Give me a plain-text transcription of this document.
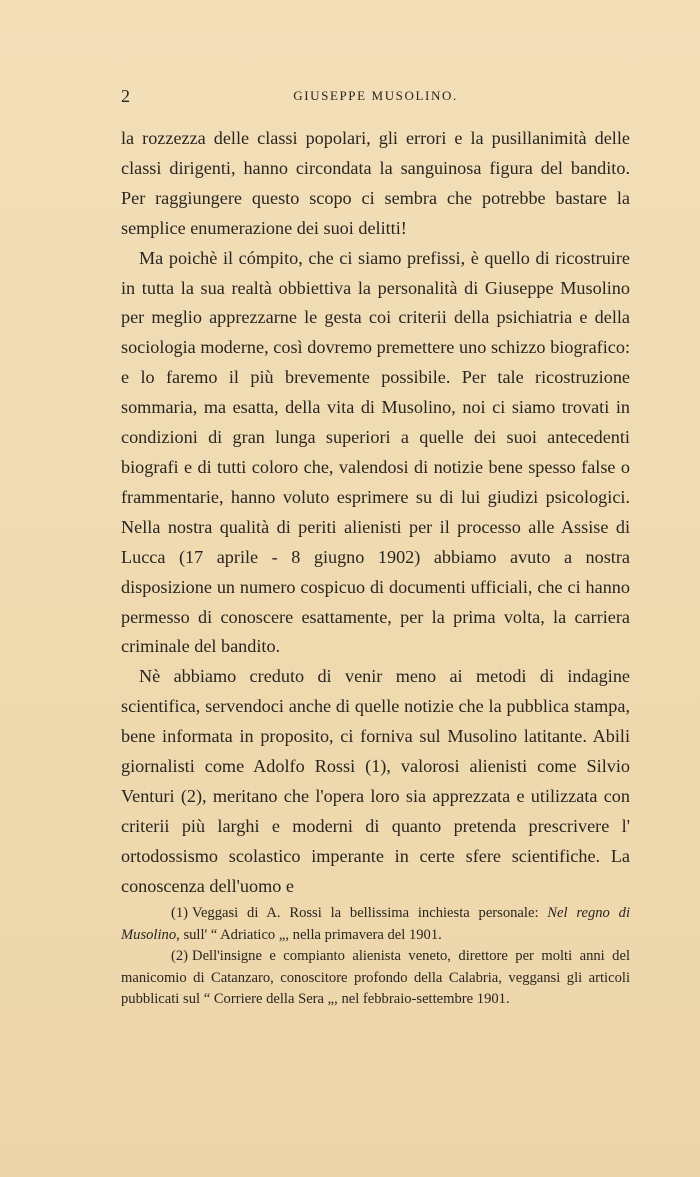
2	GIUSEPPE MUSOLINO.

la rozzezza delle classi popolari, gli errori e la pusillanimità delle classi dirigenti, hanno circondata la sanguinosa figura del bandito. Per raggiungere questo scopo ci sembra che potrebbe bastare la semplice enumerazione dei suoi delitti!

Ma poichè il cómpito, che ci siamo prefissi, è quello di ricostruire in tutta la sua realtà obbiettiva la personalità di Giuseppe Musolino per meglio apprezzarne le gesta coi criterii della psichiatria e della sociologia moderne, così dovremo premettere uno schizzo biografico: e lo faremo il più brevemente possibile. Per tale ricostruzione sommaria, ma esatta, della vita di Musolino, noi ci siamo trovati in condizioni di gran lunga superiori a quelle dei suoi antecedenti biografi e di tutti coloro che, valendosi di notizie bene spesso false o frammentarie, hanno voluto esprimere su di lui giudizi psicologici. Nella nostra qualità di periti alienisti per il processo alle Assise di Lucca (17 aprile - 8 giugno 1902) abbiamo avuto a nostra disposizione un numero cospicuo di documenti ufficiali, che ci hanno permesso di conoscere esattamente, per la prima volta, la carriera criminale del bandito.

Nè abbiamo creduto di venir meno ai metodi di indagine scientifica, servendoci anche di quelle notizie che la pubblica stampa, bene informata in proposito, ci forniva sul Musolino latitante. Abili giornalisti come Adolfo Rossi (1), valorosi alienisti come Silvio Venturi (2), meritano che l'opera loro sia apprezzata e utilizzata con criterii più larghi e moderni di quanto pretenda prescrivere l' ortodossismo scolastico imperante in certe sfere scientifiche. La conoscenza dell'uomo e

(1) Veggasi di A. Rossi la bellissima inchiesta personale: Nel regno di Musolino, sull' “ Adriatico „, nella primavera del 1901.

(2) Dell'insigne e compianto alienista veneto, direttore per molti anni del manicomio di Catanzaro, conoscitore profondo della Calabria, veggansi gli articoli pubblicati sul “ Corriere della Sera „, nel febbraio-settembre 1901.
